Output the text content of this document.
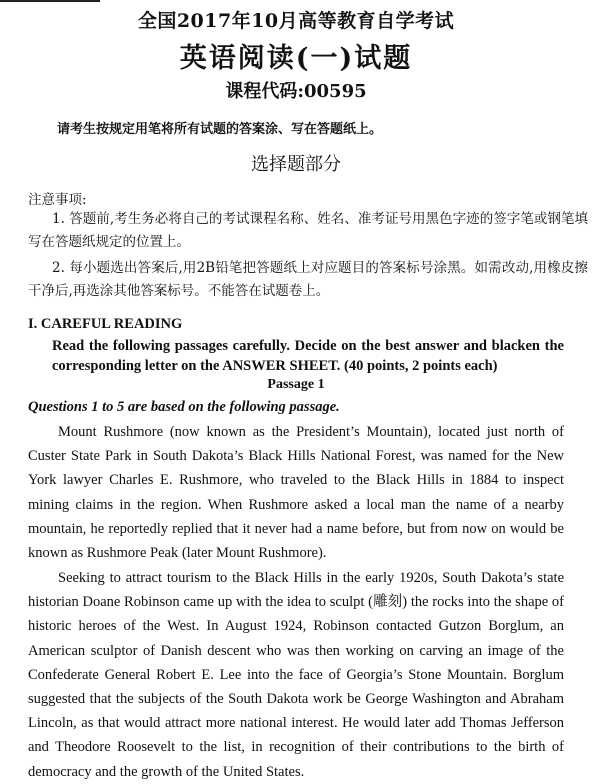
全国2017年10月高等教育自学考试
英语阅读(一)试题
课程代码:00595
请考生按规定用笔将所有试题的答案涂、写在答题纸上。
选择题部分
注意事项:
1. 答题前,考生务必将自己的考试课程名称、姓名、准考证号用黑色字迹的签字笔或钢笔填写在答题纸规定的位置上。
2. 每小题选出答案后,用2B铅笔把答题纸上对应题目的答案标号涂黑。如需改动,用橡皮擦干净后,再选涂其他答案标号。不能答在试题卷上。
I. CAREFUL READING
Read the following passages carefully. Decide on the best answer and blacken the corresponding letter on the ANSWER SHEET. (40 points, 2 points each)
Passage 1
Questions 1 to 5 are based on the following passage.
Mount Rushmore (now known as the President’s Mountain), located just north of Custer State Park in South Dakota’s Black Hills National Forest, was named for the New York lawyer Charles E. Rushmore, who traveled to the Black Hills in 1884 to inspect mining claims in the region. When Rushmore asked a local man the name of a nearby mountain, he reportedly replied that it never had a name before, but from now on would be known as Rushmore Peak (later Mount Rushmore).
Seeking to attract tourism to the Black Hills in the early 1920s, South Dakota’s state historian Doane Robinson came up with the idea to sculpt (雕刻) the rocks into the shape of historic heroes of the West. In August 1924, Robinson contacted Gutzon Borglum, an American sculptor of Danish descent who was then working on carving an image of the Confederate General Robert E. Lee into the face of Georgia’s Stone Mountain. Borglum suggested that the subjects of the South Dakota work be George Washington and Abraham Lincoln, as that would attract more national interest. He would later add Thomas Jefferson and Theodore Roosevelt to the list, in recognition of their contributions to the birth of democracy and the growth of the United States.
